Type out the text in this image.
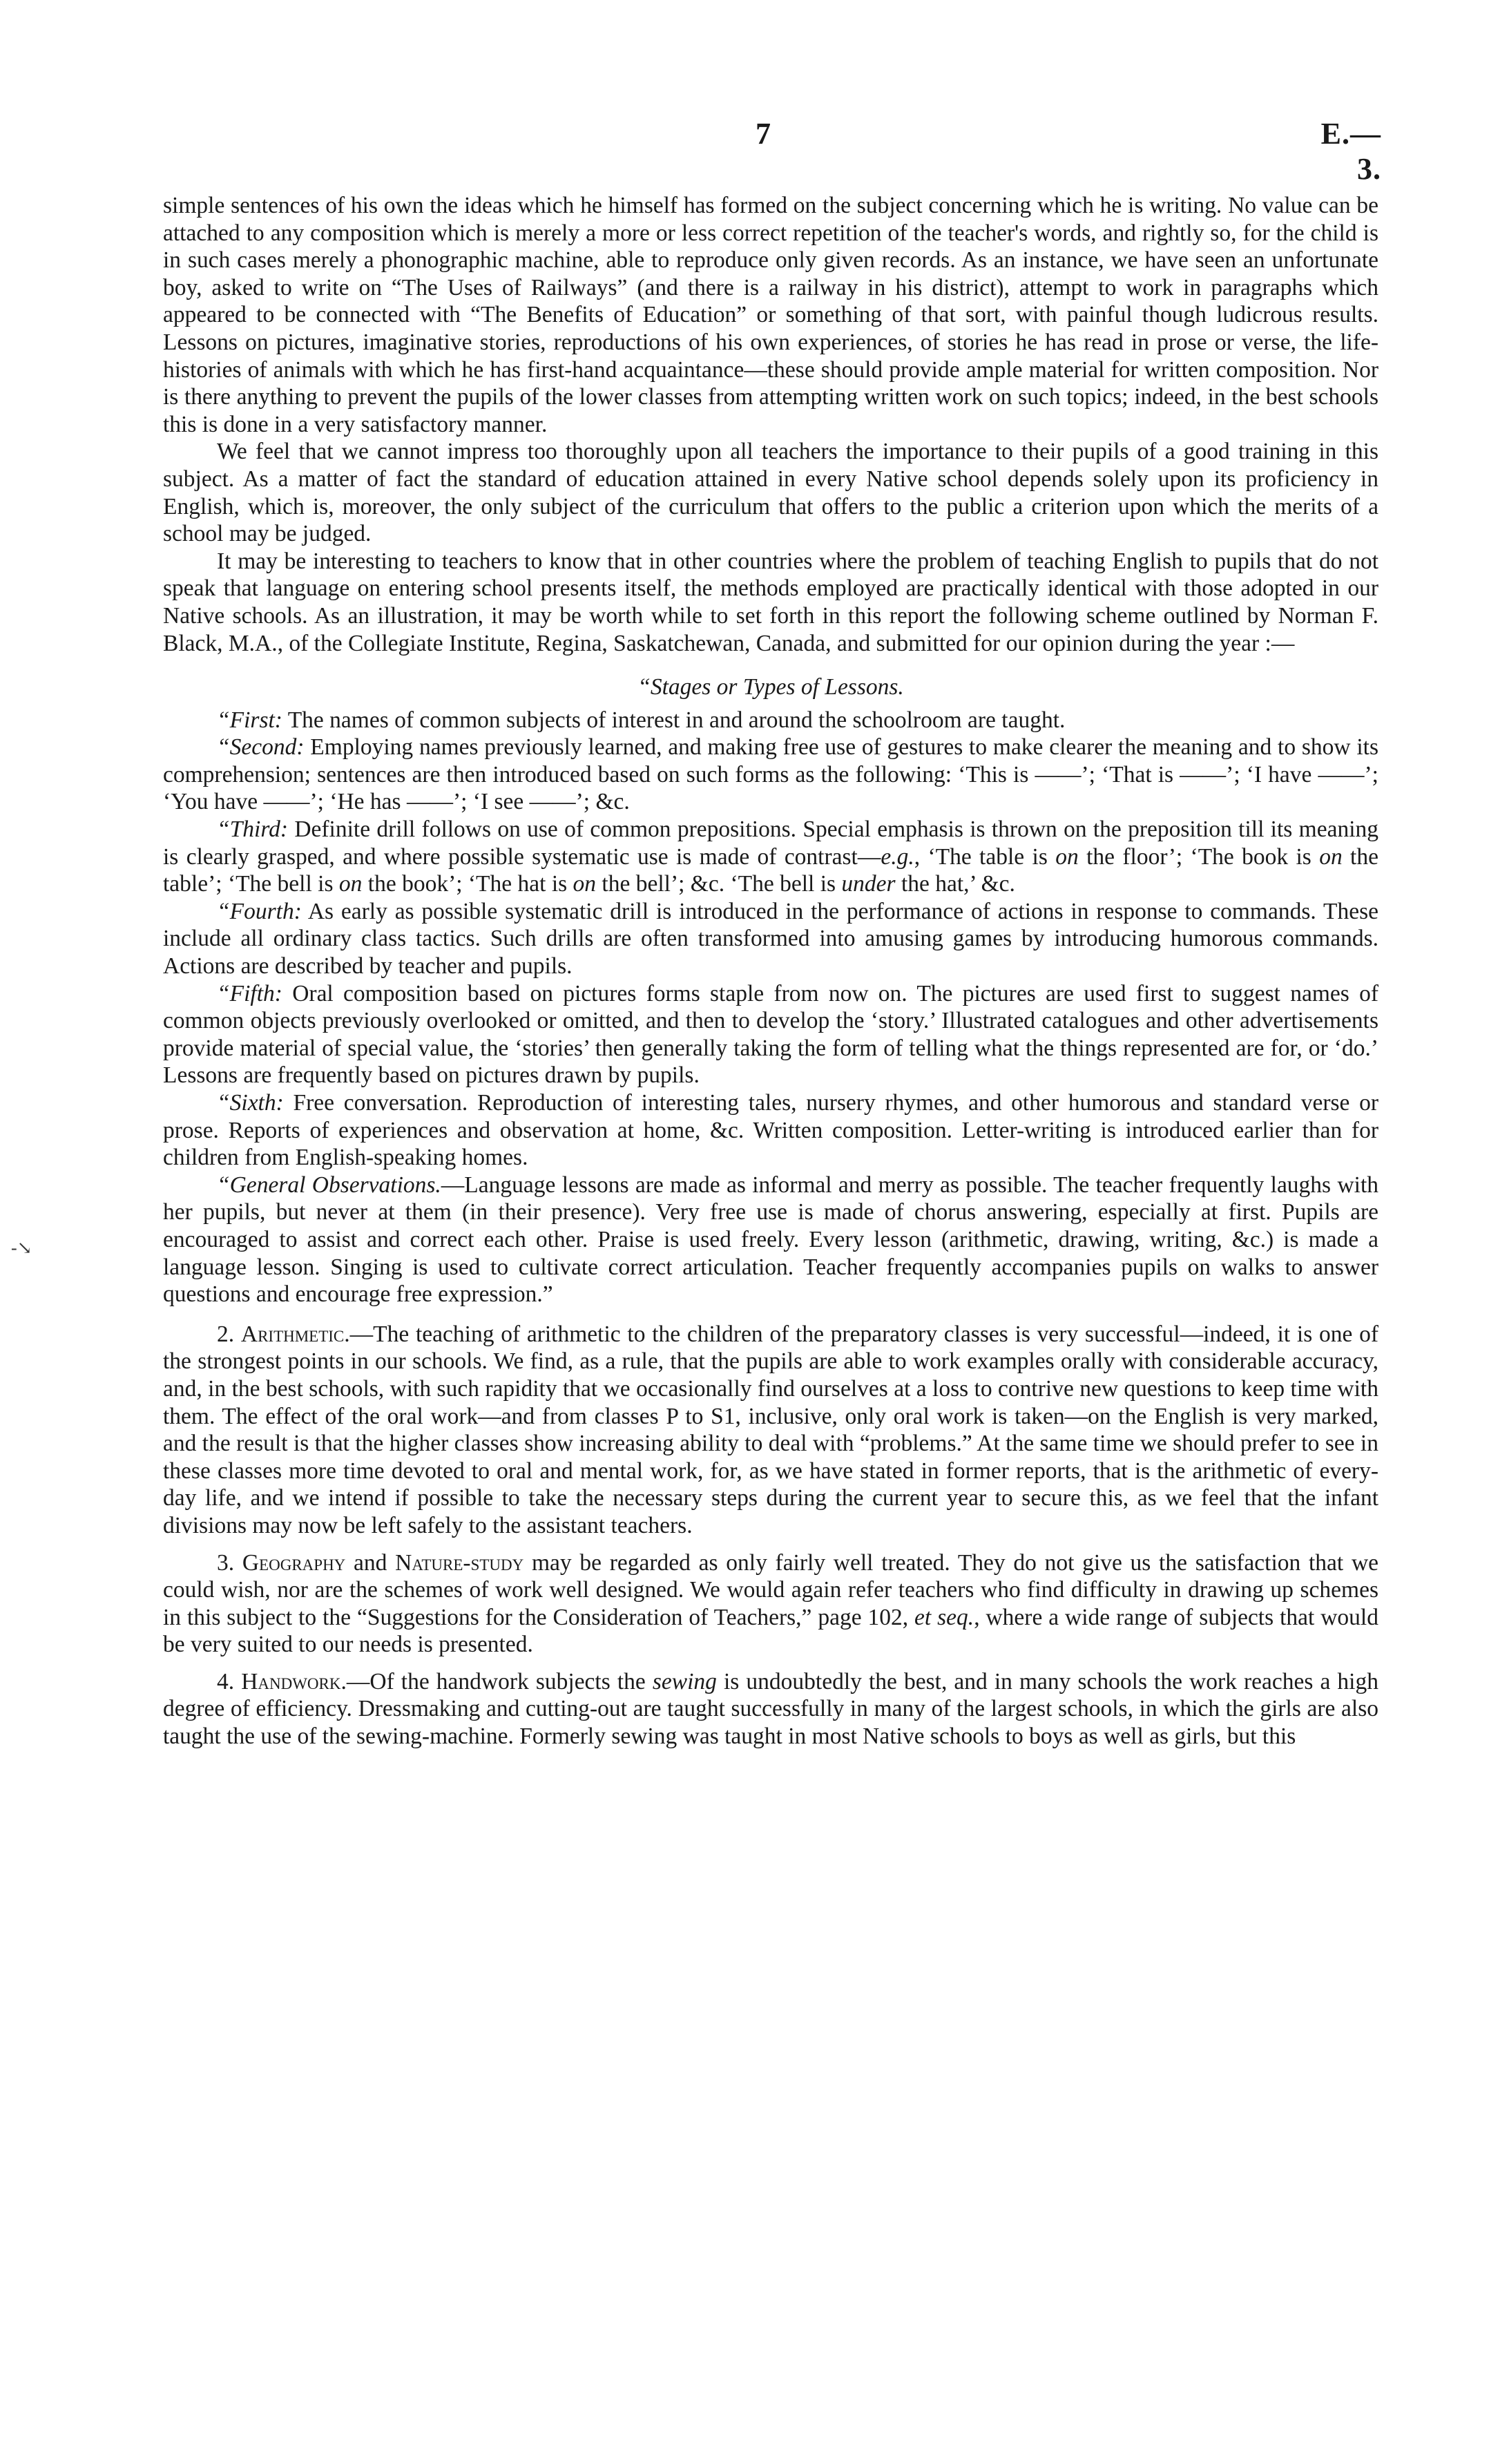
7	E.—3.
-↘

simple sentences of his own the ideas which he himself has formed on the subject concerning which he is writing. No value can be attached to any composition which is merely a more or less correct repetition of the teacher's words, and rightly so, for the child is in such cases merely a phonographic machine, able to reproduce only given records. As an instance, we have seen an unfortunate boy, asked to write on “The Uses of Railways” (and there is a railway in his district), attempt to work in paragraphs which appeared to be connected with “The Benefits of Education” or something of that sort, with painful though ludicrous results. Lessons on pictures, imaginative stories, reproductions of his own experiences, of stories he has read in prose or verse, the life-histories of animals with which he has first-hand acquaintance—these should provide ample material for written composition. Nor is there anything to prevent the pupils of the lower classes from attempting written work on such topics; indeed, in the best schools this is done in a very satisfactory manner.

We feel that we cannot impress too thoroughly upon all teachers the importance to their pupils of a good training in this subject. As a matter of fact the standard of education attained in every Native school depends solely upon its proficiency in English, which is, moreover, the only subject of the curriculum that offers to the public a criterion upon which the merits of a school may be judged.

It may be interesting to teachers to know that in other countries where the problem of teaching English to pupils that do not speak that language on entering school presents itself, the methods employed are practically identical with those adopted in our Native schools. As an illustration, it may be worth while to set forth in this report the following scheme outlined by Norman F. Black, M.A., of the Collegiate Institute, Regina, Saskatchewan, Canada, and submitted for our opinion during the year :—

“Stages or Types of Lessons.

“First: The names of common subjects of interest in and around the schoolroom are taught.

“Second: Employing names previously learned, and making free use of gestures to make clearer the meaning and to show its comprehension; sentences are then introduced based on such forms as the following: ‘This is ——’; ‘That is ——’; ‘I have ——’; ‘You have ——’; ‘He has ——’; ‘I see ——’; &c.

“Third: Definite drill follows on use of common prepositions. Special emphasis is thrown on the preposition till its meaning is clearly grasped, and where possible systematic use is made of contrast—e.g., ‘The table is on the floor’; ‘The book is on the table’; ‘The bell is on the book’; ‘The hat is on the bell’; &c. ‘The bell is under the hat,’ &c.

“Fourth: As early as possible systematic drill is introduced in the performance of actions in response to commands. These include all ordinary class tactics. Such drills are often transformed into amusing games by introducing humorous commands. Actions are described by teacher and pupils.

“Fifth: Oral composition based on pictures forms staple from now on. The pictures are used first to suggest names of common objects previously overlooked or omitted, and then to develop the ‘story.’ Illustrated catalogues and other advertisements provide material of special value, the ‘stories’ then generally taking the form of telling what the things represented are for, or ‘do.’ Lessons are frequently based on pictures drawn by pupils.

“Sixth: Free conversation. Reproduction of interesting tales, nursery rhymes, and other humorous and standard verse or prose. Reports of experiences and observation at home, &c. Written composition. Letter-writing is introduced earlier than for children from English-speaking homes.

“General Observations.—Language lessons are made as informal and merry as possible. The teacher frequently laughs with her pupils, but never at them (in their presence). Very free use is made of chorus answering, especially at first. Pupils are encouraged to assist and correct each other. Praise is used freely. Every lesson (arithmetic, drawing, writing, &c.) is made a language lesson. Singing is used to cultivate correct articulation. Teacher frequently accompanies pupils on walks to answer questions and encourage free expression.”

2. Arithmetic.—The teaching of arithmetic to the children of the preparatory classes is very successful—indeed, it is one of the strongest points in our schools. We find, as a rule, that the pupils are able to work examples orally with considerable accuracy, and, in the best schools, with such rapidity that we occasionally find ourselves at a loss to contrive new questions to keep time with them. The effect of the oral work—and from classes P to S1, inclusive, only oral work is taken—on the English is very marked, and the result is that the higher classes show increasing ability to deal with “problems.” At the same time we should prefer to see in these classes more time devoted to oral and mental work, for, as we have stated in former reports, that is the arithmetic of every-day life, and we intend if possible to take the necessary steps during the current year to secure this, as we feel that the infant divisions may now be left safely to the assistant teachers.

3. Geography and Nature-study may be regarded as only fairly well treated. They do not give us the satisfaction that we could wish, nor are the schemes of work well designed. We would again refer teachers who find difficulty in drawing up schemes in this subject to the “Suggestions for the Consideration of Teachers,” page 102, et seq., where a wide range of subjects that would be very suited to our needs is presented.

4. Handwork.—Of the handwork subjects the sewing is undoubtedly the best, and in many schools the work reaches a high degree of efficiency. Dressmaking and cutting-out are taught successfully in many of the largest schools, in which the girls are also taught the use of the sewing-machine. Formerly sewing was taught in most Native schools to boys as well as girls, but this
